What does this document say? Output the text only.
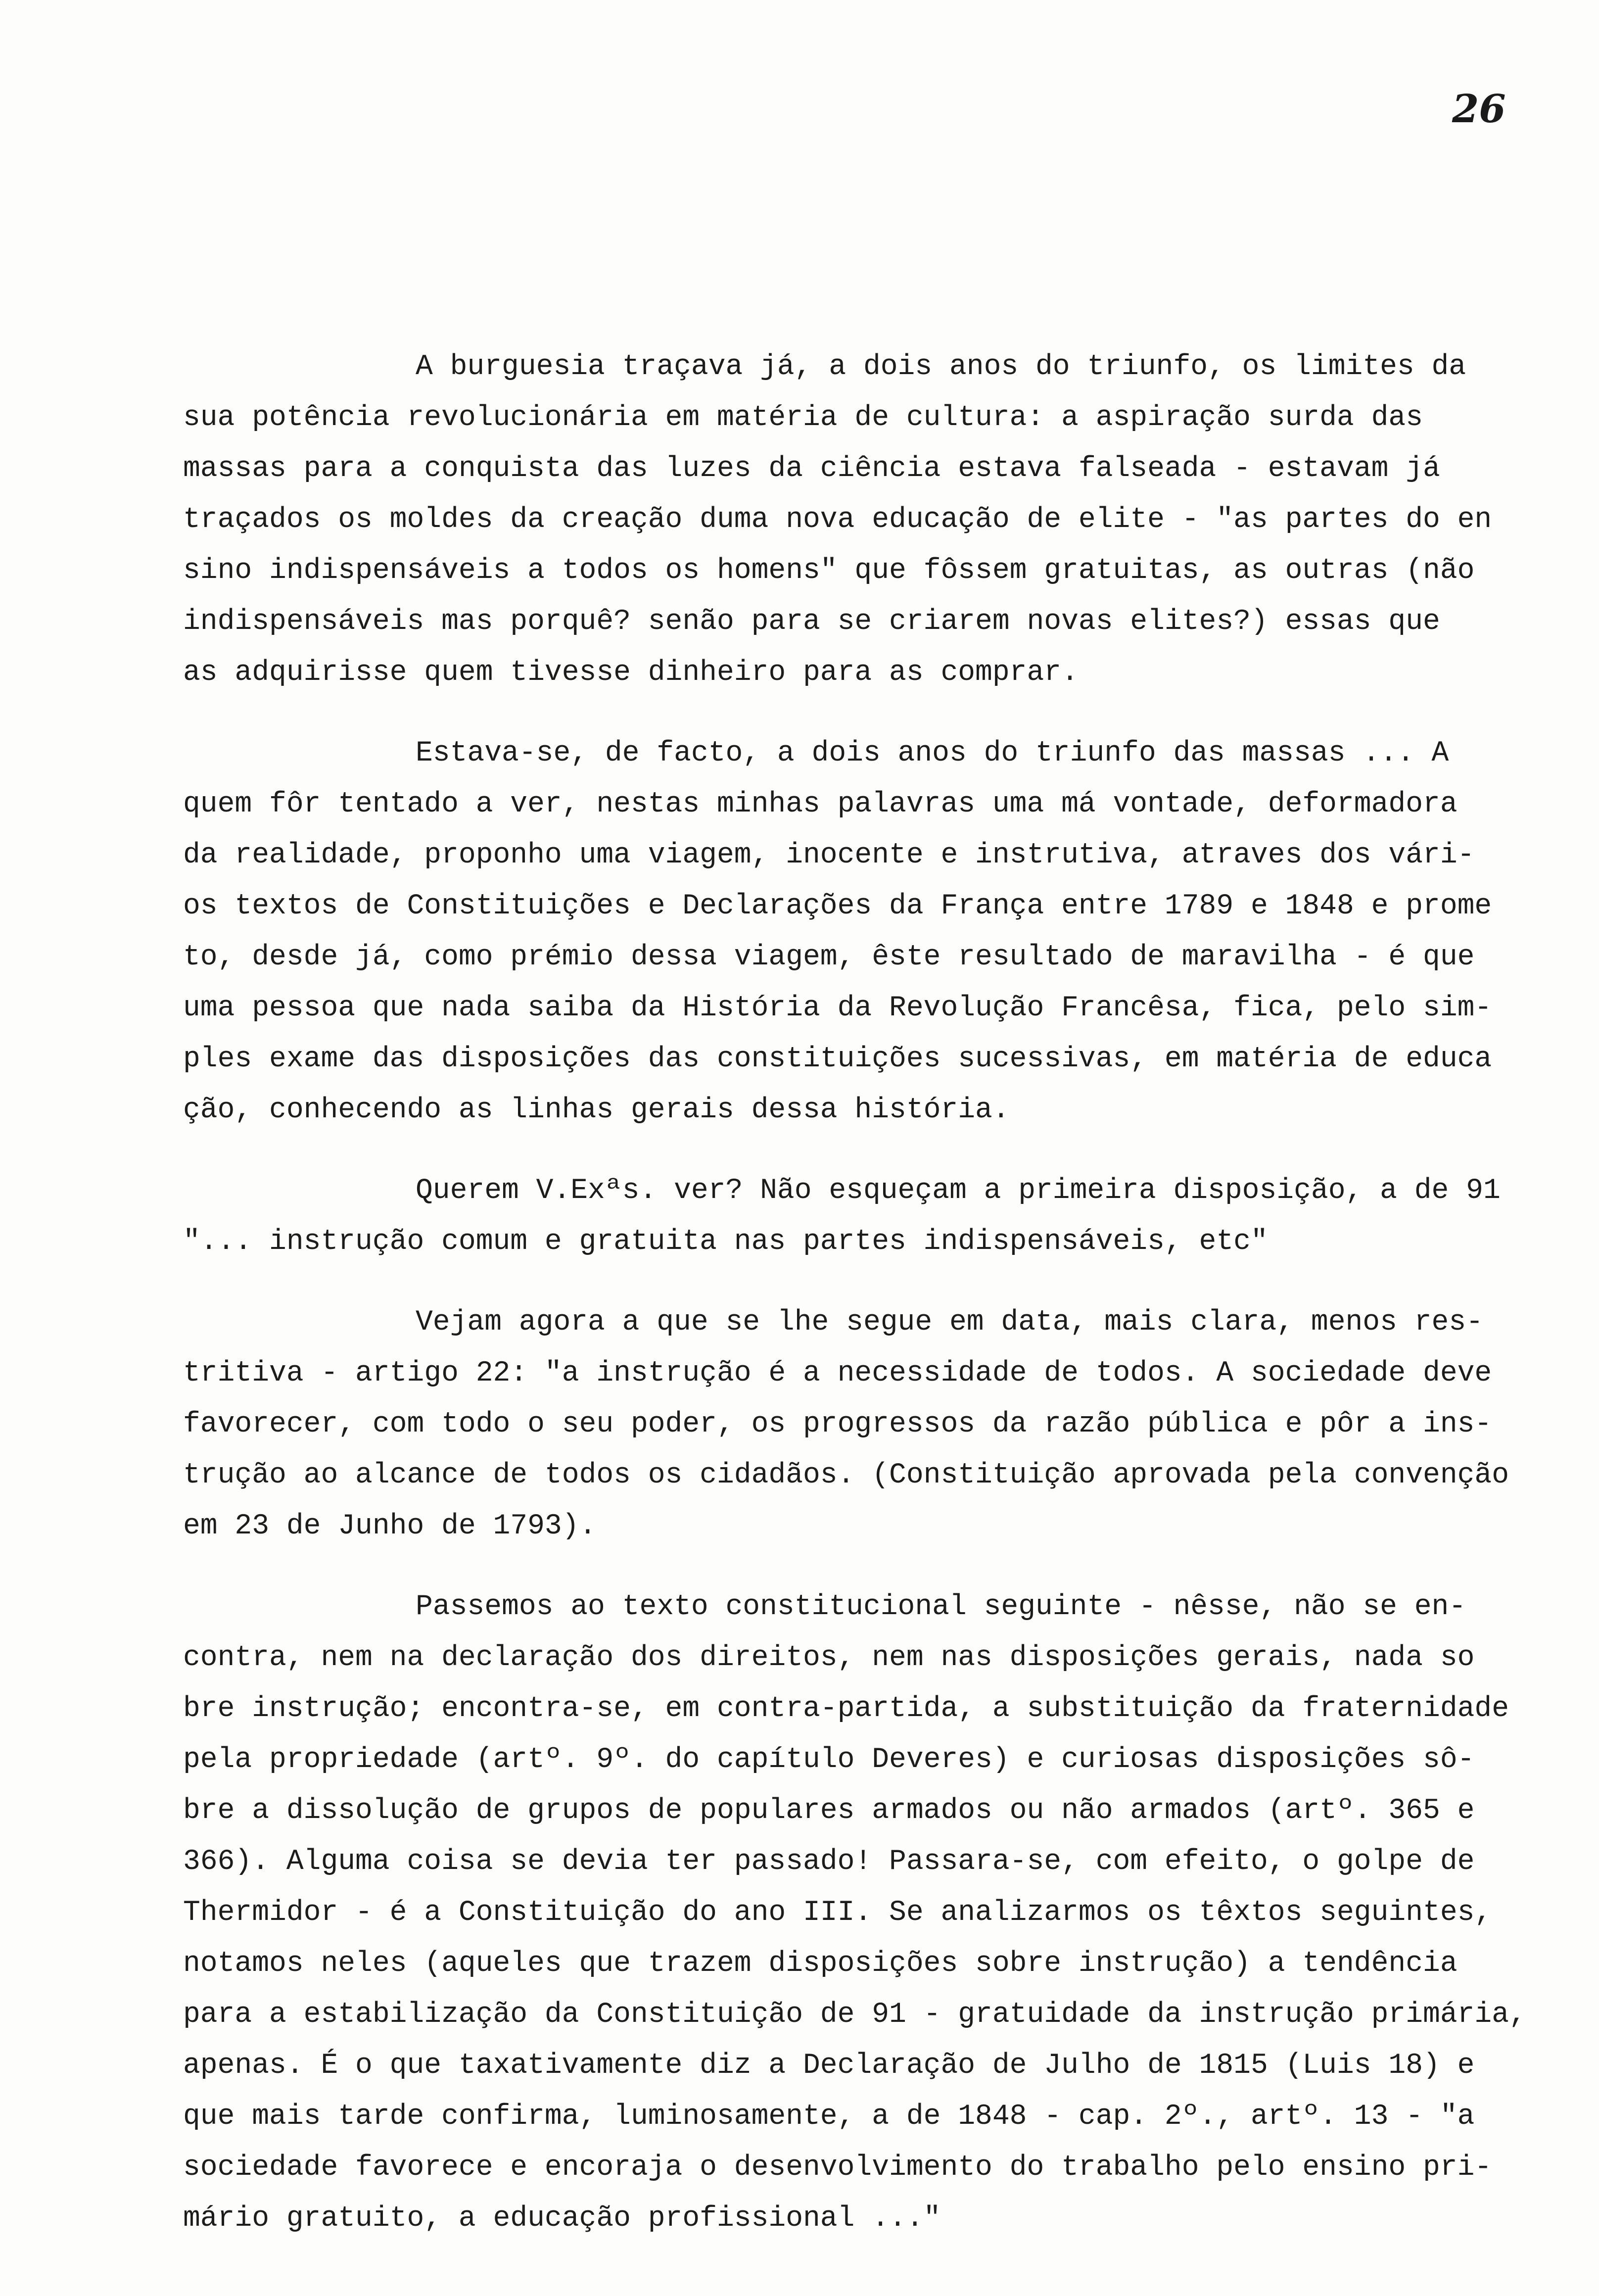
26
A burguesia traçava já, a dois anos do triunfo, os limites da
sua potência revolucionária em matéria de cultura: a aspiração surda das
massas para a conquista das luzes da ciência estava falseada - estavam já
traçados os moldes da creação duma nova educação de elite - "as partes do en
sino indispensáveis a todos os homens" que fôssem gratuitas, as outras (não
indispensáveis mas porquê? senão para se criarem novas elites?) essas que
as adquirisse quem tivesse dinheiro para as comprar.
Estava-se, de facto, a dois anos do triunfo das massas ... A
quem fôr tentado a ver, nestas minhas palavras uma má vontade, deformadora
da realidade, proponho uma viagem, inocente e instrutiva, atraves dos vári-
os textos de Constituições e Declarações da França entre 1789 e 1848 e prome
to, desde já, como prémio dessa viagem, êste resultado de maravilha - é que
uma pessoa que nada saiba da História da Revolução Francêsa, fica, pelo sim-
ples exame das disposições das constituições sucessivas, em matéria de educa
ção, conhecendo as linhas gerais dessa história.
Querem V.Exªs. ver? Não esqueçam a primeira disposição, a de 91
"... instrução comum e gratuita nas partes indispensáveis, etc"
Vejam agora a que se lhe segue em data, mais clara, menos res-
tritiva - artigo 22: "a instrução é a necessidade de todos. A sociedade deve
favorecer, com todo o seu poder, os progressos da razão pública e pôr a ins-
trução ao alcance de todos os cidadãos. (Constituição aprovada pela convenção
em 23 de Junho de 1793).
Passemos ao texto constitucional seguinte - nêsse, não se en-
contra, nem na declaração dos direitos, nem nas disposições gerais, nada so
bre instrução; encontra-se, em contra-partida, a substituição da fraternidade
pela propriedade (artº. 9º. do capítulo Deveres) e curiosas disposições sô-
bre a dissolução de grupos de populares armados ou não armados (artº. 365 e
366). Alguma coisa se devia ter passado! Passara-se, com efeito, o golpe de
Thermidor - é a Constituição do ano III. Se analizarmos os têxtos seguintes,
notamos neles (aqueles que trazem disposições sobre instrução) a tendência
para a estabilização da Constituição de 91 - gratuidade da instrução primária,
apenas. É o que taxativamente diz a Declaração de Julho de 1815 (Luis 18) e
que mais tarde confirma, luminosamente, a de 1848 - cap. 2º., artº. 13 - "a
sociedade favorece e encoraja o desenvolvimento do trabalho pelo ensino pri-
mário gratuito, a educação profissional ..."
